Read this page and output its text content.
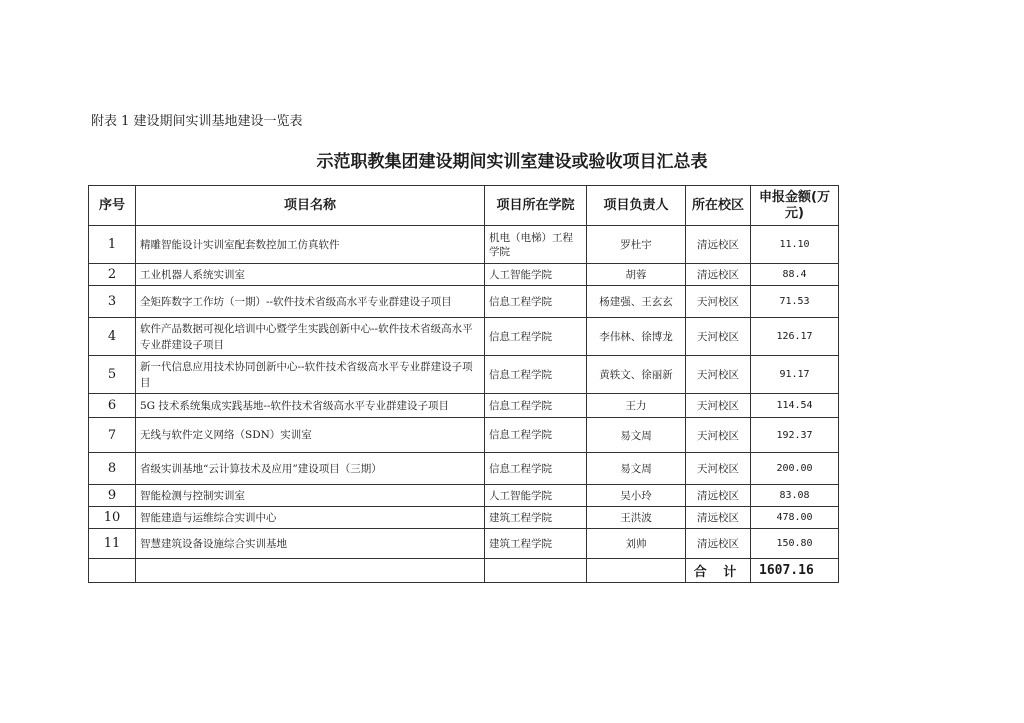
附表 1 建设期间实训基地建设一览表
示范职教集团建设期间实训室建设或验收项目汇总表
序号	项目名称	项目所在学院	项目负责人	所在校区	申报金额(万元)
1	精雕智能设计实训室配套数控加工仿真软件	机电（电梯）工程学院	罗杜宇	清远校区	11.10
2	工业机器人系统实训室	人工智能学院	胡蓉	清远校区	88.4
3	全矩阵数字工作坊（一期）--软件技术省级高水平专业群建设子项目	信息工程学院	杨建强、王玄玄	天河校区	71.53
4	软件产品数据可视化培训中心暨学生实践创新中心--软件技术省级高水平专业群建设子项目	信息工程学院	李伟林、徐博龙	天河校区	126.17
5	新一代信息应用技术协同创新中心--软件技术省级高水平专业群建设子项目	信息工程学院	黄轶文、徐丽新	天河校区	91.17
6	5G 技术系统集成实践基地--软件技术省级高水平专业群建设子项目	信息工程学院	王力	天河校区	114.54
7	无线与软件定义网络（SDN）实训室	信息工程学院	易文周	天河校区	192.37
8	省级实训基地“云计算技术及应用”建设项目（三期）	信息工程学院	易文周	天河校区	200.00
9	智能检测与控制实训室	人工智能学院	吴小玲	清远校区	83.08
10	智能建造与运维综合实训中心	建筑工程学院	王洪波	清远校区	478.00
11	智慧建筑设备设施综合实训基地	建筑工程学院	刘帅	清远校区	150.80
				合 计	1607.16
